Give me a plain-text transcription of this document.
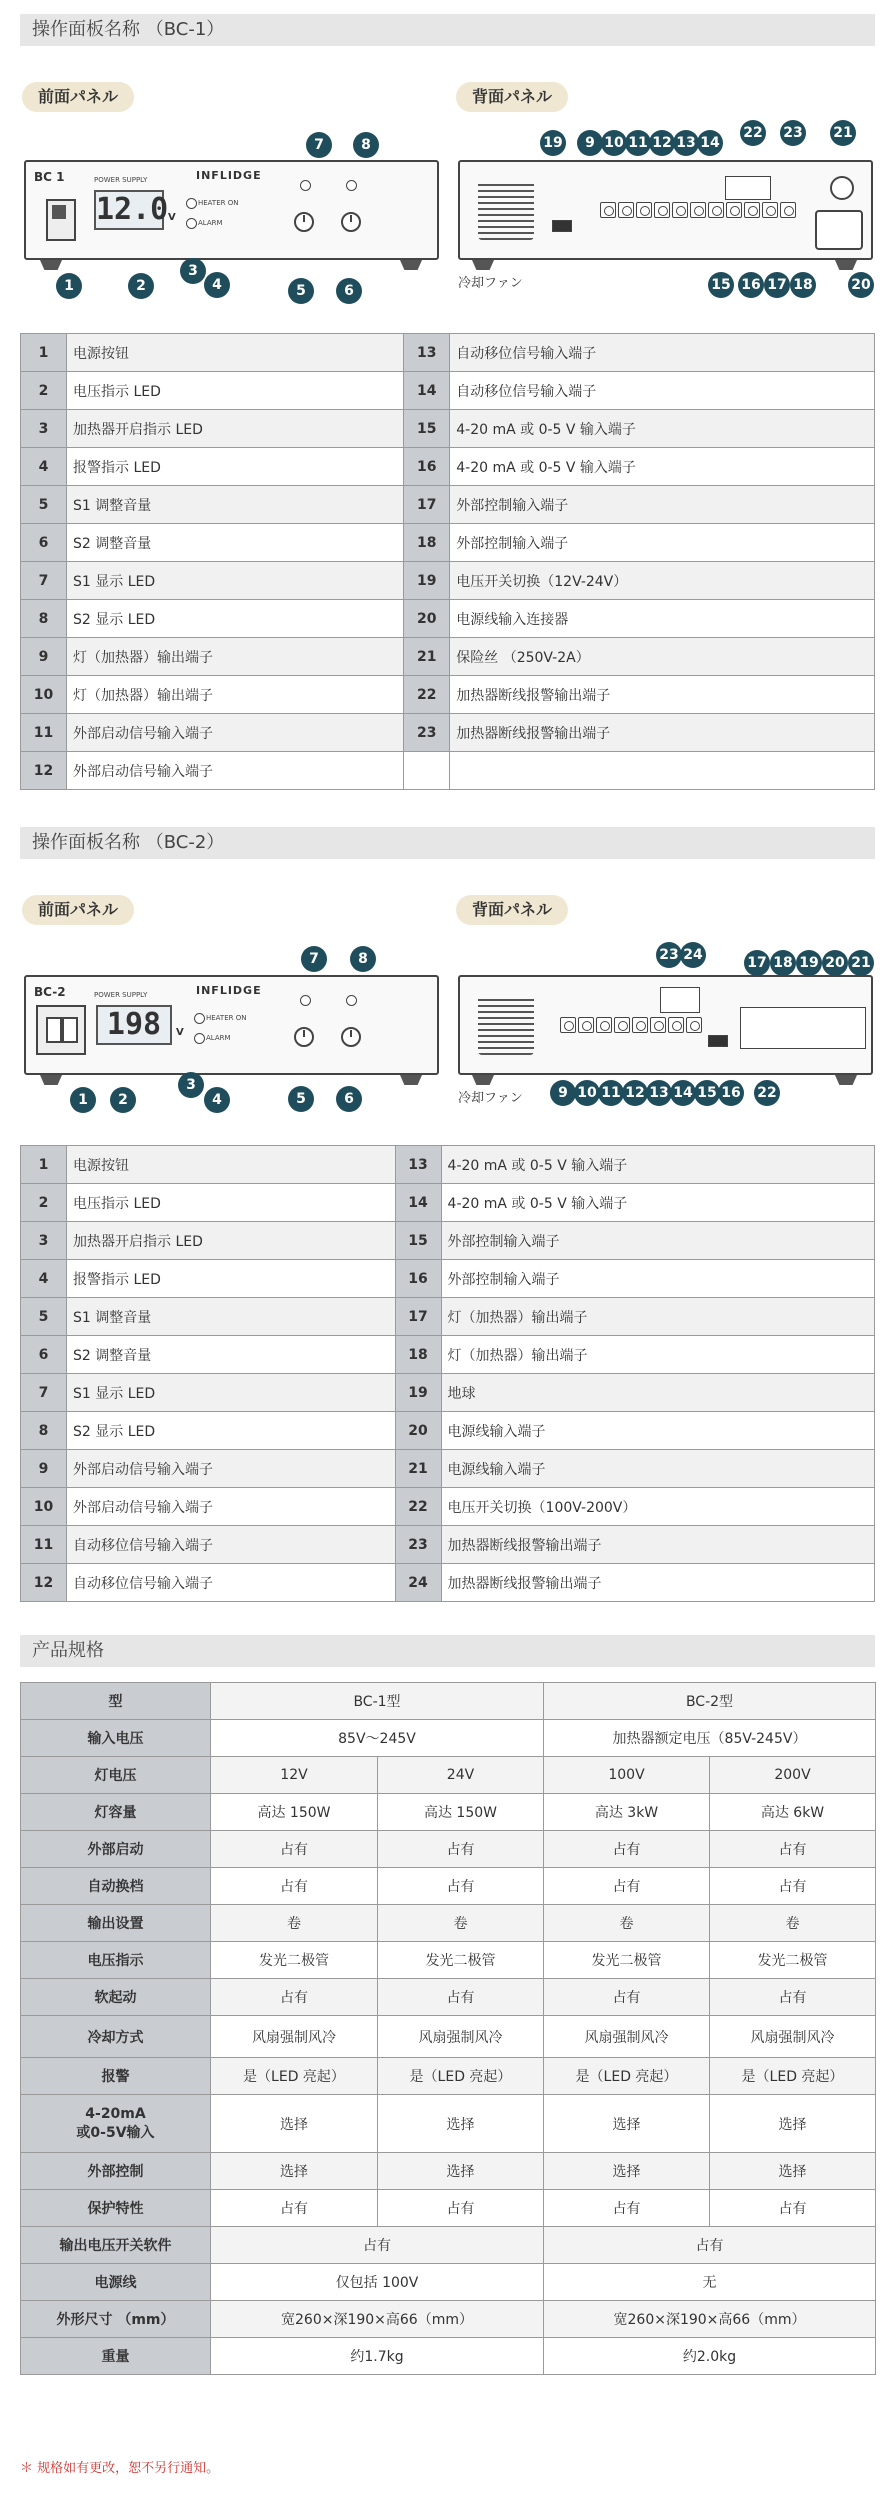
操作面板名称 （BC-1）
前面パネル	背面パネル
BC 1	POWER SUPPLY	INFLIDGE
12.0 V
HEATER ON
ALARM
1	2
3
4	5	6
7	8
冷却ファン
19	9 10 11 12 13 14
22 23 21
15 16 17 18	20
1	电源按钮	13	自动移位信号输入端子
2	电压指示 LED	14	自动移位信号输入端子
3	加热器开启指示 LED	15	4-20 mA 或 0-5 V 输入端子
4	报警指示 LED	16	4-20 mA 或 0-5 V 输入端子
5	S1 调整音量	17	外部控制输入端子
6	S2 调整音量	18	外部控制输入端子
7	S1 显示 LED	19	电压开关切换（12V-24V）
8	S2 显示 LED	20	电源线输入连接器
9	灯（加热器）输出端子	21	保险丝 （250V-2A）
10	灯（加热器）输出端子	22	加热器断线报警输出端子
11	外部启动信号输入端子	23	加热器断线报警输出端子
12	外部启动信号输入端子		
操作面板名称 （BC-2）
前面パネル	背面パネル
BC-2	POWER SUPPLY	INFLIDGE
198	V
HEATER ON
ALARM
1	2
3
4	5	6
7	8
冷却ファン
23 24	17 18 19 20 21
9 10 11 12 13 14 15 16 22
1	电源按钮	13	4-20 mA 或 0-5 V 输入端子
2	电压指示 LED	14	4-20 mA 或 0-5 V 输入端子
3	加热器开启指示 LED	15	外部控制输入端子
4	报警指示 LED	16	外部控制输入端子
5	S1 调整音量	17	灯（加热器）输出端子
6	S2 调整音量	18	灯（加热器）输出端子
7	S1 显示 LED	19	地球
8	S2 显示 LED	20	电源线输入端子
9	外部启动信号输入端子	21	电源线输入端子
10	外部启动信号输入端子	22	电压开关切换（100V-200V）
11	自动移位信号输入端子	23	加热器断线报警输出端子
12	自动移位信号输入端子	24	加热器断线报警输出端子
产品规格
型	BC-1型		BC-2型	
输入电压	85V～245V		加热器额定电压（85V-245V）	
灯电压	12V	24V	100V	200V
灯容量	高达 150W	高达 150W	高达 3kW	高达 6kW
外部启动	占有	占有	占有	占有
自动换档	占有	占有	占有	占有
输出设置	卷	卷	卷	卷
电压指示	发光二极管	发光二极管	发光二极管	发光二极管
软起动	占有	占有	占有	占有
冷却方式	风扇强制风冷	风扇强制风冷	风扇强制风冷	风扇强制风冷
报警	是（LED 亮起）	是（LED 亮起）	是（LED 亮起）	是（LED 亮起）
4-20mA
或0-5V输入	选择	选择	选择	选择
外部控制	选择	选择	选择	选择
保护特性	占有	占有	占有	占有
输出电压开关软件	占有		占有	
电源线	仅包括 100V		无	
外形尺寸 （mm）	宽260×深190×高66（mm）		宽260×深190×高66（mm）	
重量	约1.7kg		约2.0kg	
＊ 规格如有更改，恕不另行通知。
